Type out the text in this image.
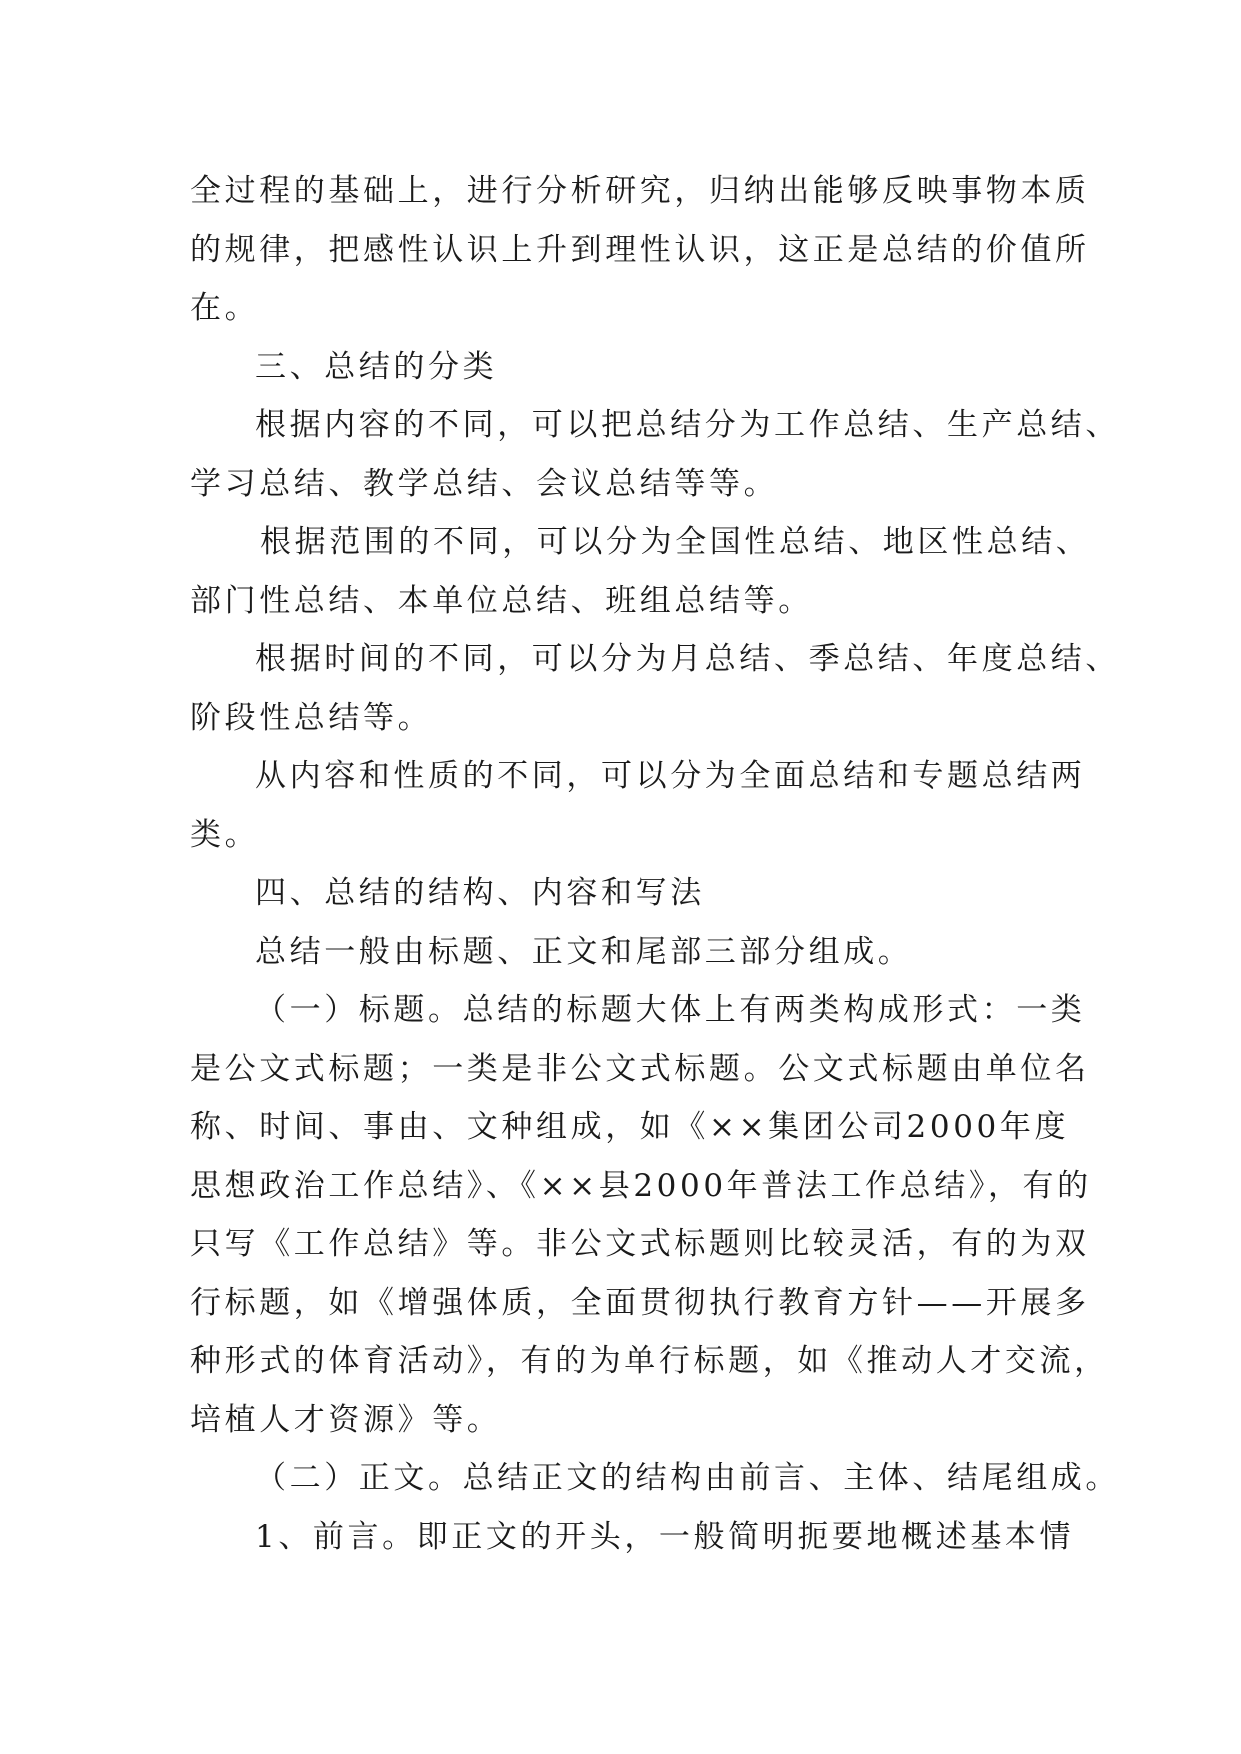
全过程的基础上，进行分析研究，归纳出能够反映事物本质
的规律，把感性认识上升到理性认识，这正是总结的价值所
在。
三、总结的分类
根据内容的不同，可以把总结分为工作总结、生产总结、
学习总结、教学总结、会议总结等等。
根据范围的不同，可以分为全国性总结、地区性总结、
部门性总结、本单位总结、班组总结等。
根据时间的不同，可以分为月总结、季总结、年度总结、
阶段性总结等。
从内容和性质的不同，可以分为全面总结和专题总结两
类。
四、总结的结构、内容和写法
总结一般由标题、正文和尾部三部分组成。
（一）标题。总结的标题大体上有两类构成形式：一类
是公文式标题；一类是非公文式标题。公文式标题由单位名
称、时间、事由、文种组成，如《××集团公司2000年度
思想政治工作总结》、《××县2000年普法工作总结》，有的
只写《工作总结》等。非公文式标题则比较灵活，有的为双
行标题，如《增强体质，全面贯彻执行教育方针——开展多
种形式的体育活动》，有的为单行标题，如《推动人才交流，
培植人才资源》等。
（二）正文。总结正文的结构由前言、主体、结尾组成。
1、前言。即正文的开头，一般简明扼要地概述基本情
